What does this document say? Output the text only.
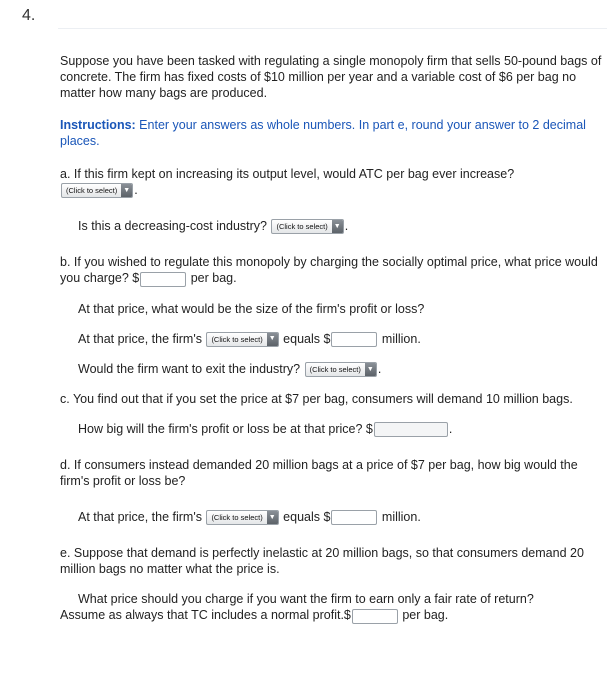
4.

Suppose you have been tasked with regulating a single monopoly firm that sells 50-pound bags of concrete. The firm has fixed costs of $10 million per year and a variable cost of $6 per bag no matter how many bags are produced.

Instructions: Enter your answers as whole numbers. In part e, round your answer to 2 decimal places.

a. If this firm kept on increasing its output level, would ATC per bag ever increase?

(Click to select) ▼ .

Is this a decreasing-cost industry?	(Click to select) ▼ .

b. If you wished to regulate this monopoly by charging the socially optimal price, what price would you charge? $	per bag.

At that price, what would be the size of the firm's profit or loss?

At that price, the firm's (Click to select) ▼ equals $	million.

Would the firm want to exit the industry?	(Click to select) ▼ .

c. You find out that if you set the price at $7 per bag, consumers will demand 10 million bags.

How big will the firm's profit or loss be at that price? $	.

d. If consumers instead demanded 20 million bags at a price of $7 per bag, how big would the firm's profit or loss be?

At that price, the firm's (Click to select) ▼ equals $	million.

e. Suppose that demand is perfectly inelastic at 20 million bags, so that consumers demand 20 million bags no matter what the price is.

What price should you charge if you want the firm to earn only a fair rate of return?
Assume as always that TC includes a normal profit.$	per bag.
